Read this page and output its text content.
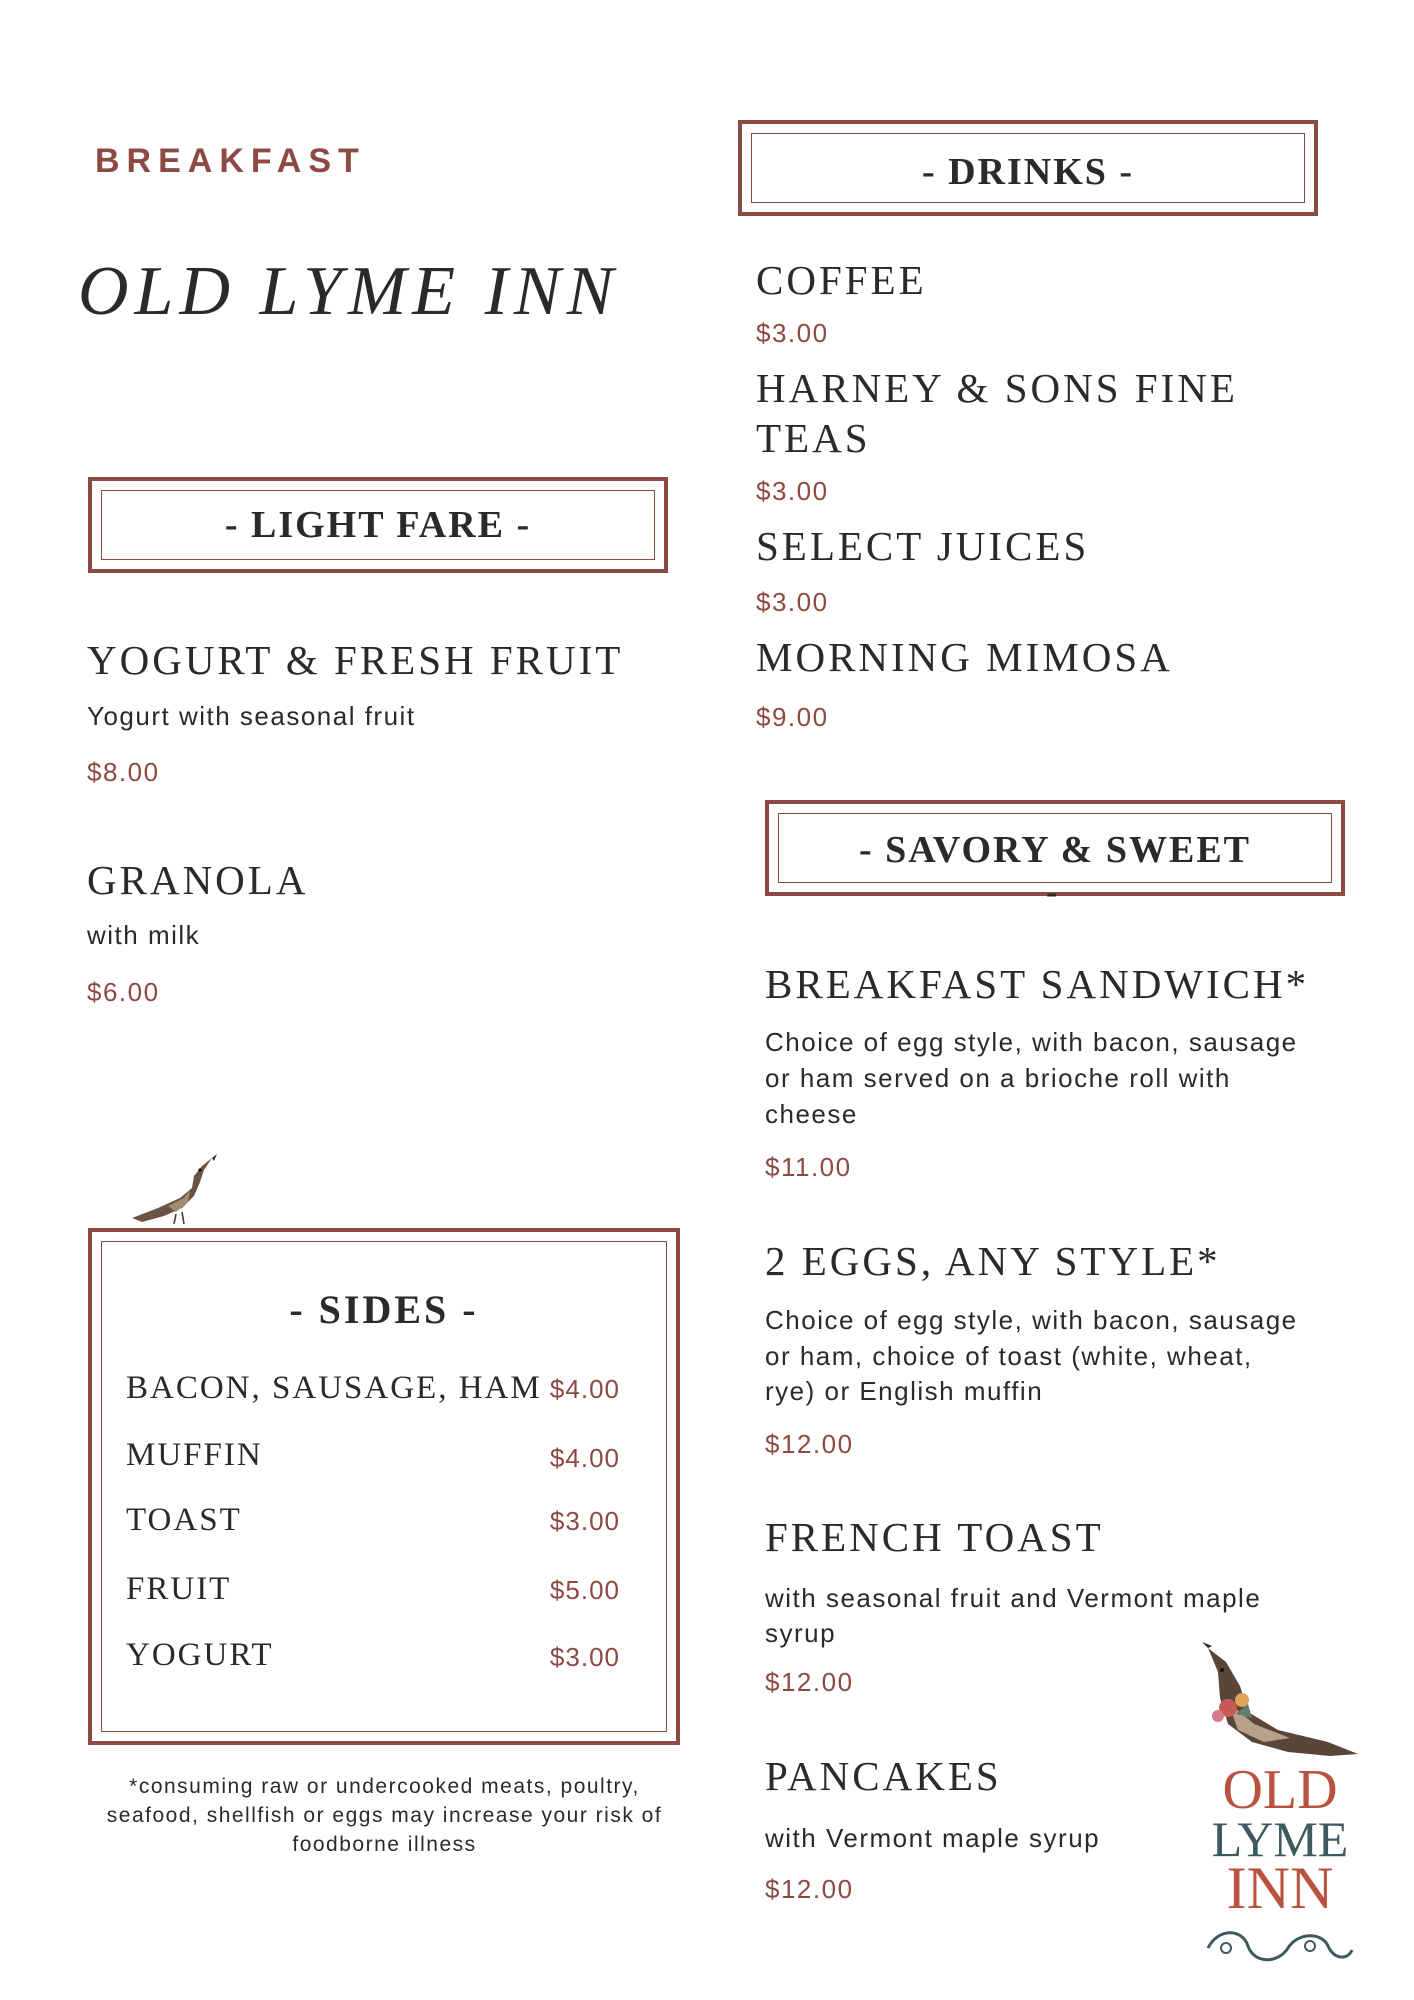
BREAKFAST
OLD LYME INN
- LIGHT FARE -
YOGURT & FRESH FRUIT
Yogurt with seasonal fruit
$8.00
GRANOLA
with milk
$6.00
- SIDES -
BACON, SAUSAGE, HAM $4.00
MUFFIN	$4.00
TOAST	$3.00
FRUIT	$5.00
YOGURT	$3.00
*consuming raw or undercooked meats, poultry, seafood, shellfish or eggs may increase your risk of foodborne illness
- DRINKS -
COFFEE
$3.00
HARNEY & SONS FINE
TEAS
$3.00
SELECT JUICES
$3.00
MORNING MIMOSA
$9.00
- SAVORY & SWEET
-
BREAKFAST SANDWICH*
Choice of egg style, with bacon, sausage
or ham served on a brioche roll with
cheese
$11.00
2 EGGS, ANY STYLE*
Choice of egg style, with bacon, sausage
or ham, choice of toast (white, wheat,
rye) or English muffin
$12.00
FRENCH TOAST
with seasonal fruit and Vermont maple
syrup
$12.00
PANCAKES
with Vermont maple syrup
$12.00
OLD
LYME
INN
